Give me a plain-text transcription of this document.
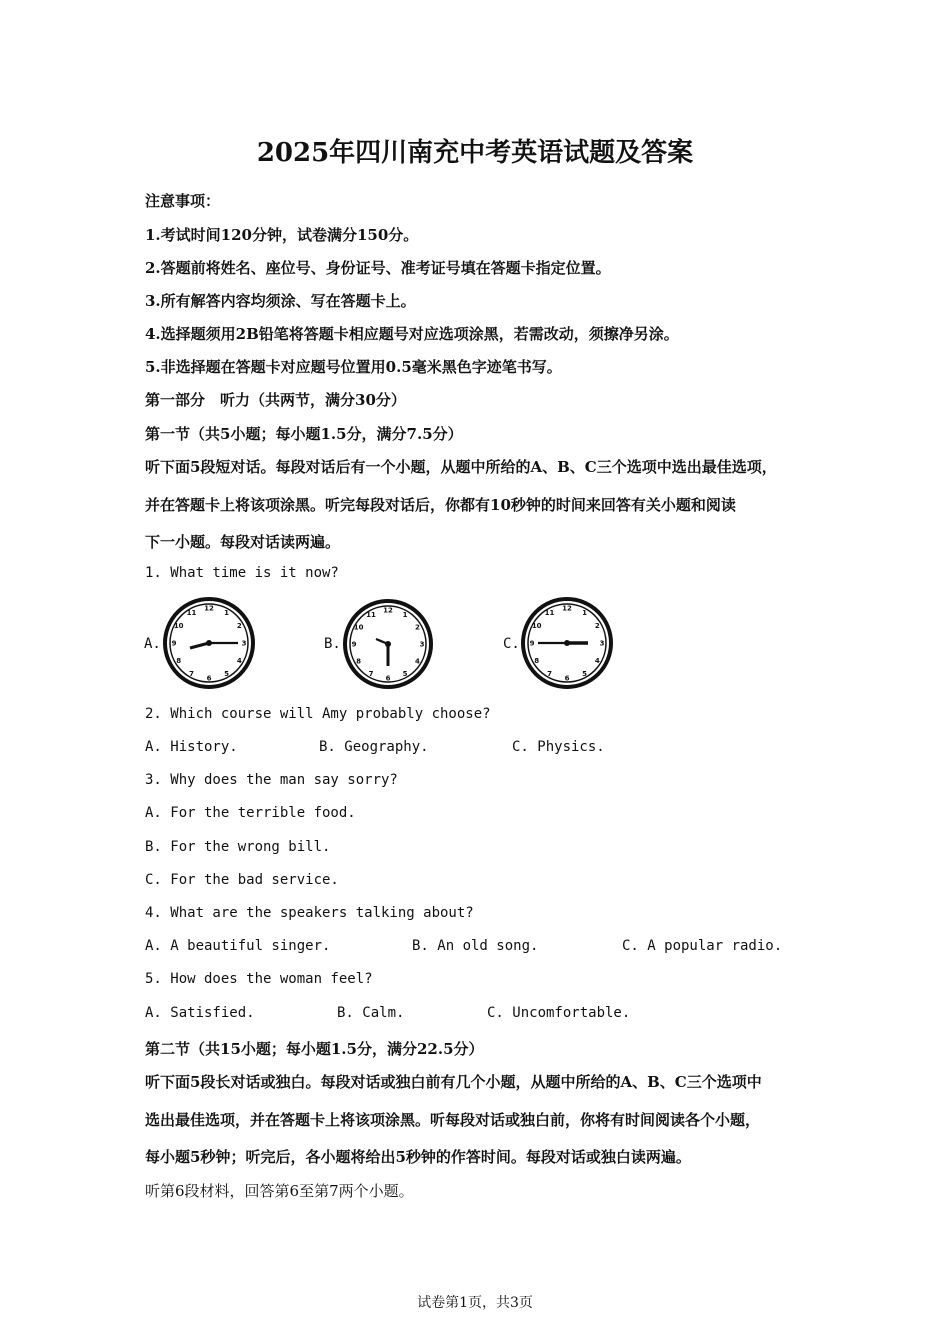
2025年四川南充中考英语试题及答案
注意事项：
1.考试时间120分钟，试卷满分150分。
2.答题前将姓名、座位号、身份证号、准考证号填在答题卡指定位置。
3.所有解答内容均须涂、写在答题卡上。
4.选择题须用2B铅笔将答题卡相应题号对应选项涂黑，若需改动，须擦净另涂。
5.非选择题在答题卡对应题号位置用0.5毫米黑色字迹笔书写。
第一部分　听力（共两节，满分30分）
第一节（共5小题；每小题1.5分，满分7.5分）
听下面5段短对话。每段对话后有一个小题，从题中所给的A、B、C三个选项中选出最佳选项，
并在答题卡上将该项涂黑。听完每段对话后，你都有10秒钟的时间来回答有关小题和阅读
下一小题。每段对话读两遍。
1. What time is it now?
A.
1
2
3
4
5
6
7
8
9
10
11
12
B.
1
2
3
4
5
6
7
8
9
10
11
12
C.
1
2
3
4
5
6
7
8
9
10
11
12
2. Which course will Amy probably choose?
A. History.	B. Geography.	C. Physics.
3. Why does the man say sorry?
A. For the terrible food.
B. For the wrong bill.
C. For the bad service.
4. What are the speakers talking about?
A. A beautiful singer.	B. An old song.	C. A popular radio.
5. How does the woman feel?
A. Satisfied.	B. Calm.	C. Uncomfortable.
第二节（共15小题；每小题1.5分，满分22.5分）
听下面5段长对话或独白。每段对话或独白前有几个小题，从题中所给的A、B、C三个选项中
选出最佳选项，并在答题卡上将该项涂黑。听每段对话或独白前，你将有时间阅读各个小题，
每小题5秒钟；听完后，各小题将给出5秒钟的作答时间。每段对话或独白读两遍。
听第6段材料，回答第6至第7两个小题。
试卷第1页，共3页
